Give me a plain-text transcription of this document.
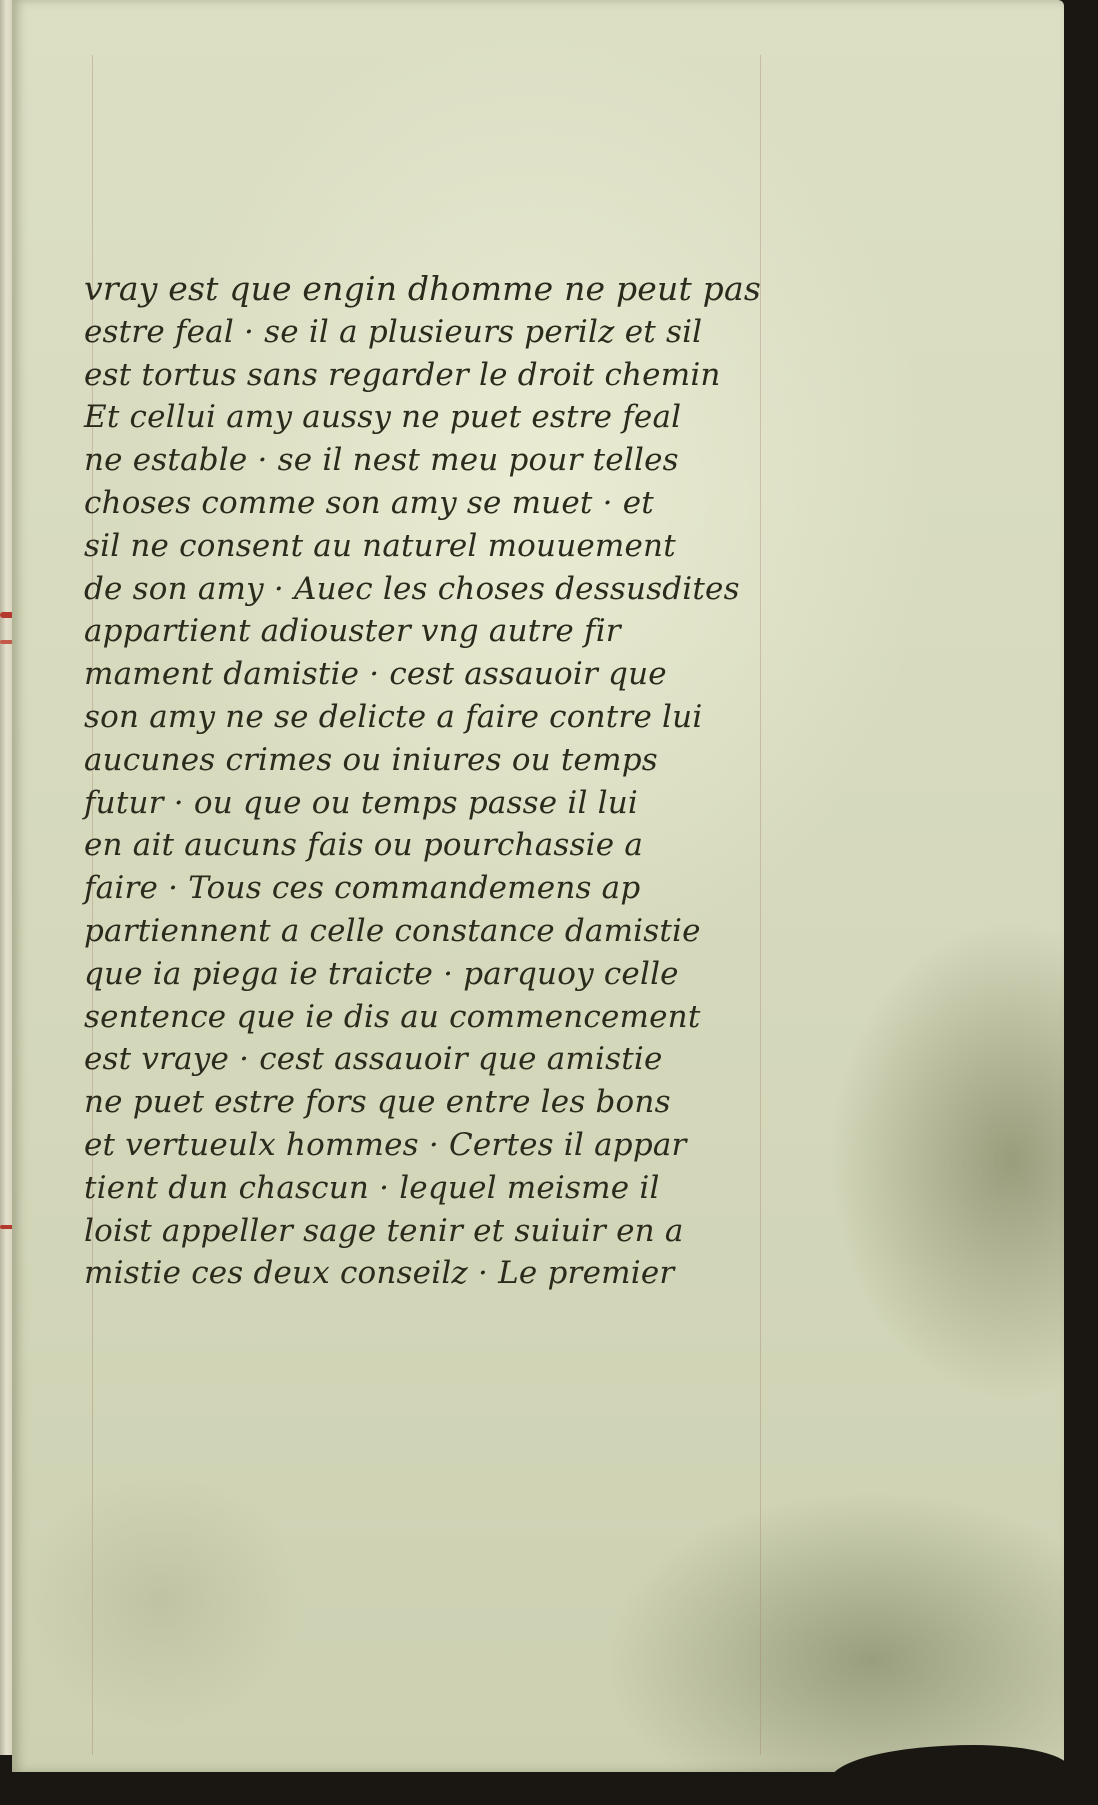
vray est que engin dhomme ne peut pas
estre feal · se il a plusieurs perilz et sil
est tortus sans regarder le droit chemin
Et cellui amy aussy ne puet estre feal
ne estable · se il nest meu pour telles
choses comme son amy se muet · et
sil ne consent au naturel mouuement
de son amy · Auec les choses dessusdites
appartient adiouster vng autre fir
mament damistie · cest assauoir que
son amy ne se delicte a faire contre lui
aucunes crimes ou iniures ou temps
futur · ou que ou temps passe il lui
en ait aucuns fais ou pourchassie a
faire · Tous ces commandemens ap
partiennent a celle constance damistie
que ia piega ie traicte · parquoy celle
sentence que ie dis au commencement
est vraye · cest assauoir que amistie
ne puet estre fors que entre les bons
et vertueulx hommes · Certes il appar
tient dun chascun · lequel meisme il
loist appeller sage tenir et suiuir en a
mistie ces deux conseilz · Le premier
